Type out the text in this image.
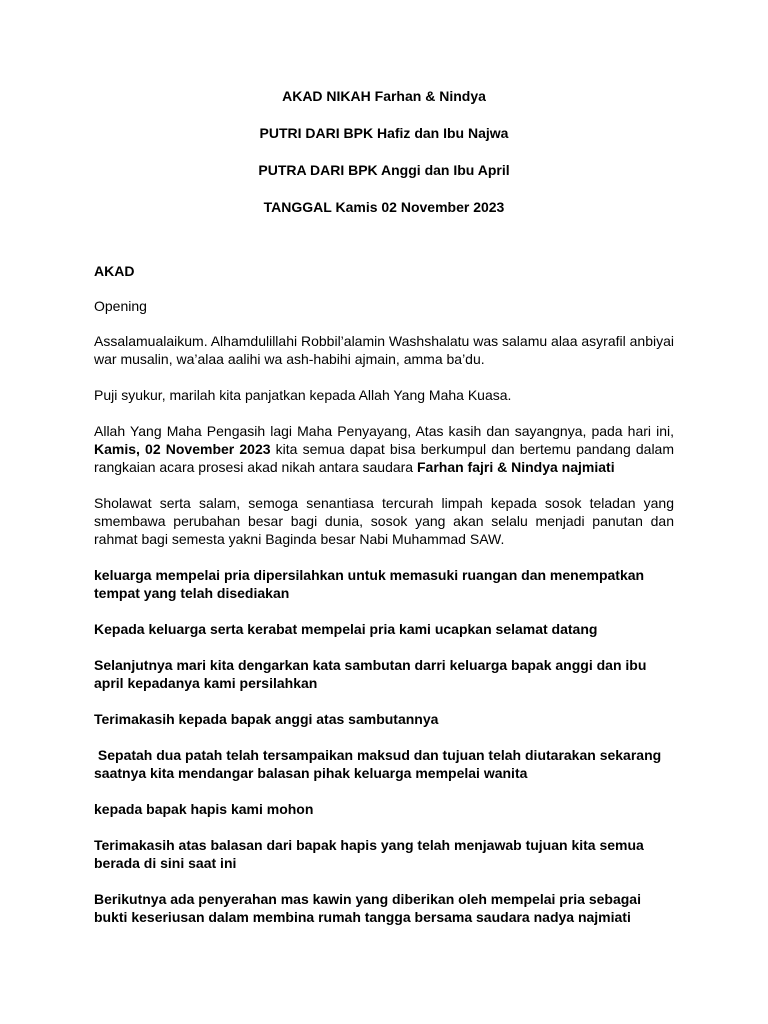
AKAD NIKAH Farhan & Nindya

PUTRI DARI BPK Hafiz dan Ibu Najwa

PUTRA DARI BPK Anggi dan Ibu April

TANGGAL Kamis 02 November 2023

AKAD

Opening

Assalamualaikum. Alhamdulillahi Robbil’alamin Washshalatu was salamu alaa asyrafil anbiyai war musalin, wa’alaa aalihi wa ash-habihi ajmain, amma ba’du.

Puji syukur, marilah kita panjatkan kepada Allah Yang Maha Kuasa.

Allah Yang Maha Pengasih lagi Maha Penyayang, Atas kasih dan sayangnya, pada hari ini, Kamis, 02 November 2023 kita semua dapat bisa berkumpul dan bertemu pandang dalam rangkaian acara prosesi akad nikah antara saudara Farhan fajri & Nindya najmiati

Sholawat serta salam, semoga senantiasa tercurah limpah kepada sosok teladan yang smembawa perubahan besar bagi dunia, sosok yang akan selalu menjadi panutan dan rahmat bagi semesta yakni Baginda besar Nabi Muhammad SAW.

keluarga mempelai pria dipersilahkan untuk memasuki ruangan dan menempatkan tempat yang telah disediakan

Kepada keluarga serta kerabat mempelai pria kami ucapkan selamat datang

Selanjutnya mari kita dengarkan kata sambutan darri keluarga bapak anggi dan ibu april kepadanya kami persilahkan

Terimakasih kepada bapak anggi atas sambutannya

Sepatah dua patah telah tersampaikan maksud dan tujuan telah diutarakan sekarang saatnya kita mendangar balasan pihak keluarga mempelai wanita

kepada bapak hapis kami mohon

Terimakasih atas balasan dari bapak hapis yang telah menjawab tujuan kita semua berada di sini saat ini

Berikutnya ada penyerahan mas kawin yang diberikan oleh mempelai pria sebagai bukti keseriusan dalam membina rumah tangga bersama saudara nadya najmiati
